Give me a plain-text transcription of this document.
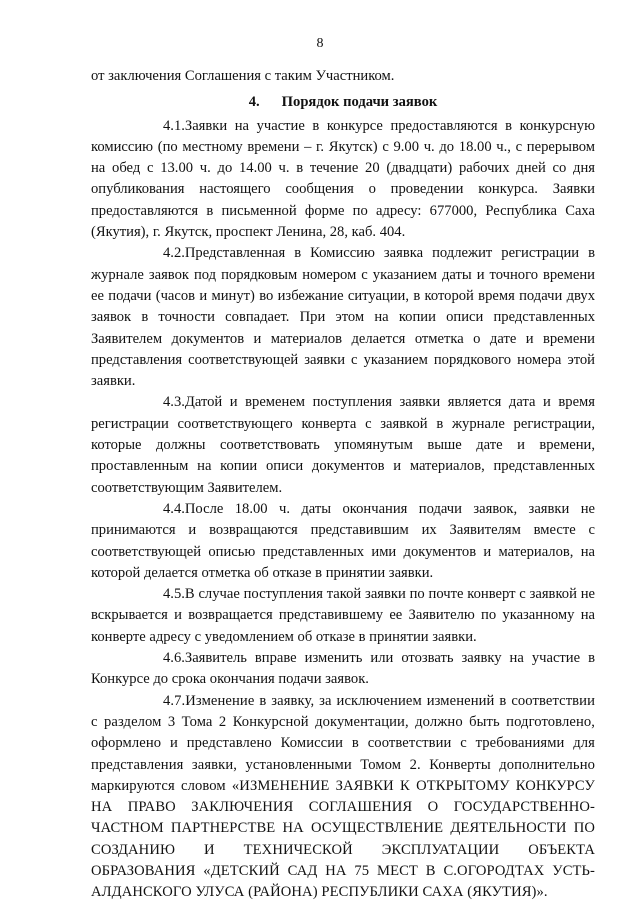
8

от заключения Соглашения с таким Участником.

4. Порядок подачи заявок

4.1.Заявки на участие в конкурсе предоставляются в конкурсную комиссию (по местному времени – г. Якутск) с 9.00 ч. до 18.00 ч., с перерывом на обед с 13.00 ч. до 14.00 ч. в течение 20 (двадцати) рабочих дней со дня опубликования настоящего сообщения о проведении конкурса. Заявки предоставляются в письменной форме по адресу: 677000, Республика Саха (Якутия), г. Якутск, проспект Ленина, 28, каб. 404.

4.2.Представленная в Комиссию заявка подлежит регистрации в журнале заявок под порядковым номером с указанием даты и точного времени ее подачи (часов и минут) во избежание ситуации, в которой время подачи двух заявок в точности совпадает. При этом на копии описи представленных Заявителем документов и материалов делается отметка о дате и времени представления соответствующей заявки с указанием порядкового номера этой заявки.

4.3.Датой и временем поступления заявки является дата и время регистрации соответствующего конверта с заявкой в журнале регистрации, которые должны соответствовать упомянутым выше дате и времени, проставленным на копии описи документов и материалов, представленных соответствующим Заявителем.

4.4.После 18.00 ч. даты окончания подачи заявок, заявки не принимаются и возвращаются представившим их Заявителям вместе с соответствующей описью представленных ими документов и материалов, на которой делается отметка об отказе в принятии заявки.

4.5.В случае поступления такой заявки по почте конверт с заявкой не вскрывается и возвращается представившему ее Заявителю по указанному на конверте адресу с уведомлением об отказе в принятии заявки.

4.6.Заявитель вправе изменить или отозвать заявку на участие в Конкурсе до срока окончания подачи заявок.

4.7.Изменение в заявку, за исключением изменений в соответствии с разделом 3 Тома 2 Конкурсной документации, должно быть подготовлено, оформлено и представлено Комиссии в соответствии с требованиями для представления заявки, установленными Томом 2. Конверты дополнительно маркируются словом «ИЗМЕНЕНИЕ ЗАЯВКИ К ОТКРЫТОМУ КОНКУРСУ НА ПРАВО ЗАКЛЮЧЕНИЯ СОГЛАШЕНИЯ О ГОСУДАРСТВЕННО-ЧАСТНОМ ПАРТНЕРСТВЕ НА ОСУЩЕСТВЛЕНИЕ ДЕЯТЕЛЬНОСТИ ПО СОЗДАНИЮ И ТЕХНИЧЕСКОЙ ЭКСПЛУАТАЦИИ ОБЪЕКТА ОБРАЗОВАНИЯ «ДЕТСКИЙ САД НА 75 МЕСТ В С.ОГОРОДТАХ УСТЬ-АЛДАНСКОГО УЛУСА (РАЙОНА) РЕСПУБЛИКИ САХА (ЯКУТИЯ)».
